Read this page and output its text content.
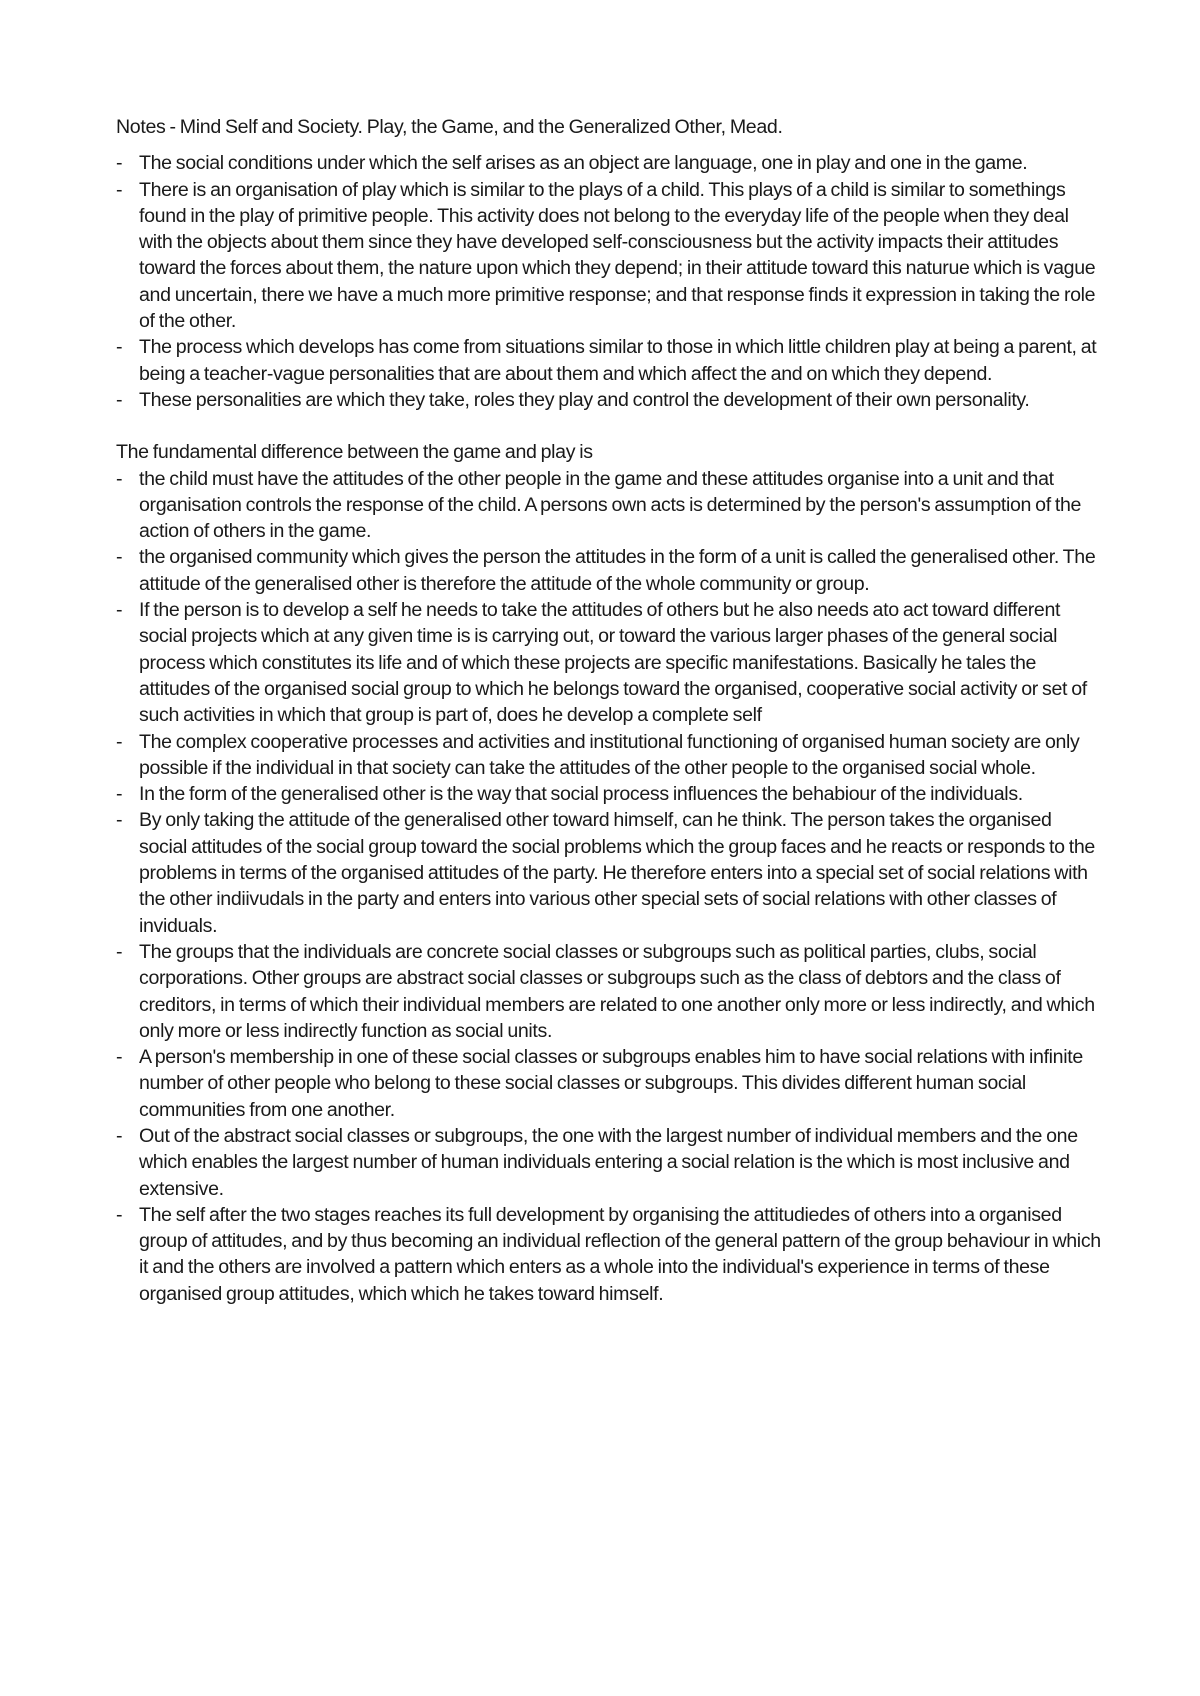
Notes - Mind Self and Society. Play, the Game, and the Generalized Other, Mead.

- The social conditions under which the self arises as an object are language, one in play and one in the game.
- There is an organisation of play which is similar to the plays of a child. This plays of a child is similar to somethings found in the play of primitive people. This activity does not belong to the everyday life of the people when they deal with the objects about them since they have developed self-consciousness but the activity impacts their attitudes toward the forces about them, the nature upon which they depend; in their attitude toward this naturue which is vague and uncertain, there we have a much more primitive response; and that response finds it expression in taking the role of the other.
- The process which develops has come from situations similar to those in which little children play at being a parent, at being a teacher-vague personalities that are about them and which affect the and on which they depend.
- These personalities are which they take, roles they play and control the development of their own personality.

The fundamental difference between the game and play is

- the child must have the attitudes of the other people in the game and these attitudes organise into a unit and that organisation controls the response of the child. A persons own acts is determined by the person's assumption of the action of others in the game.
- the organised community which gives the person the attitudes in the form of a unit is called the generalised other. The attitude of the generalised other is therefore the attitude of the whole community or group.
- If the person is to develop a self he needs to take the attitudes of others but he also needs ato act toward different social projects which at any given time is is carrying out, or toward the various larger phases of the general social process which constitutes its life and of which these projects are specific manifestations. Basically he tales the attitudes of the organised social group to which he belongs toward the organised, cooperative social activity or set of such activities in which that group is part of, does he develop a complete self
- The complex cooperative processes and activities and institutional functioning of organised human society are only possible if the individual in that society can take the attitudes of the other people to the organised social whole.
- In the form of the generalised other is the way that social process influences the behabiour of the individuals.
- By only taking the attitude of the generalised other toward himself, can he think. The person takes the organised social attitudes of the social group toward the social problems which the group faces and he reacts or responds to the problems in terms of the organised attitudes of the party. He therefore enters into a special set of social relations with the other indiivudals in the party and enters into various other special sets of social relations with other classes of inviduals.
- The groups that the individuals are concrete social classes or subgroups such as political parties, clubs, social corporations. Other groups are abstract social classes or subgroups such as the class of debtors and the class of creditors, in terms of which their individual members are related to one another only more or less indirectly, and which only more or less indirectly function as social units.
- A person's membership in one of these social classes or subgroups enables him to have social relations with infinite number of other people who belong to these social classes or subgroups. This divides different human social communities from one another.
- Out of the abstract social classes or subgroups, the one with the largest number of individual members and the one which enables the largest number of human individuals entering a social relation is the which is most inclusive and extensive.
- The self after the two stages reaches its full development by organising the attitudiedes of others into a organised group of attitudes, and by thus becoming an individual reflection of the general pattern of the group behaviour in which it and the others are involved a pattern which enters as a whole into the individual's experience in terms of these organised group attitudes, which which he takes toward himself.
